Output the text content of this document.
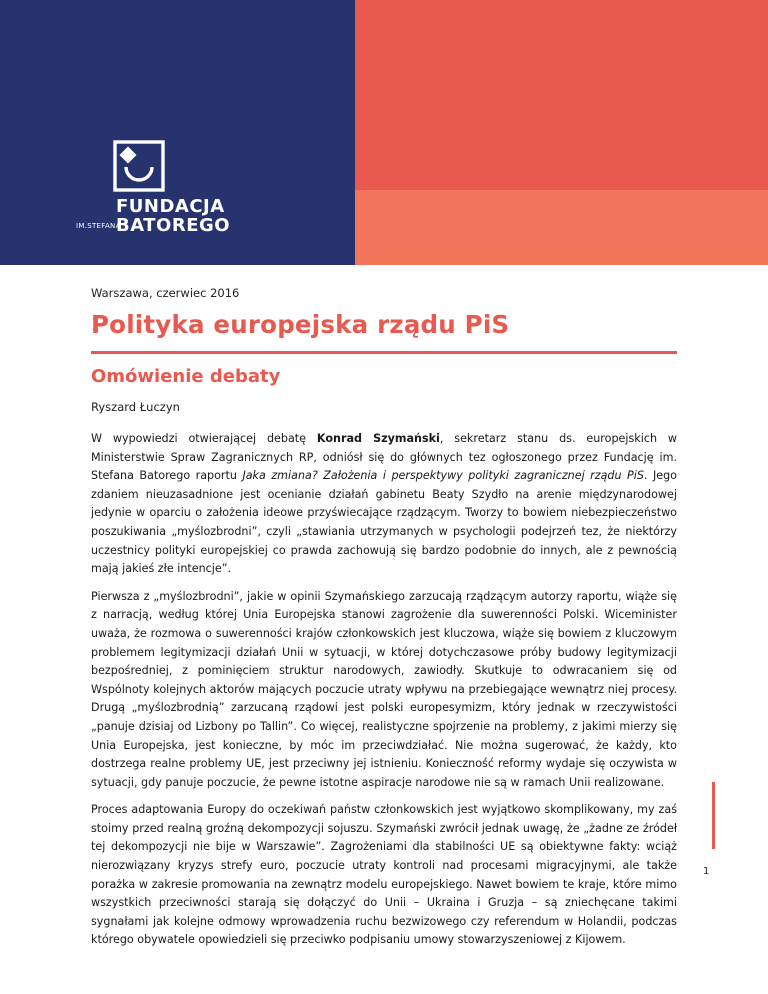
FUNDACJA
IM.STEFANA
BATOREGO
Warszawa, czerwiec 2016
Polityka europejska rządu PiS
Omówienie debaty
Ryszard Łuczyn

W wypowiedzi otwierającej debatę Konrad Szymański, sekretarz stanu ds. europejskich w Ministerstwie Spraw Zagranicznych RP, odniósł się do głównych tez ogłoszonego przez Fundację im. Stefana Batorego raportu Jaka zmiana? Założenia i perspektywy polityki zagranicznej rządu PiS. Jego zdaniem nieuzasadnione jest ocenianie działań gabinetu Beaty Szydło na arenie międzynarodowej jedynie w oparciu o założenia ideowe przyświecające rządzącym. Tworzy to bowiem niebezpieczeństwo poszukiwania „myślozbrodni”, czyli „stawiania utrzymanych w psychologii podejrzeń tez, że niektórzy uczestnicy polityki europejskiej co prawda zachowują się bardzo podobnie do innych, ale z pewnością mają jakieś złe intencje”.

Pierwsza z „myślozbrodni”, jakie w opinii Szymańskiego zarzucają rządzącym autorzy raportu, wiąże się z narracją, według której Unia Europejska stanowi zagrożenie dla suwerenności Polski. Wiceminister uważa, że rozmowa o suwerenności krajów członkowskich jest kluczowa, wiąże się bowiem z kluczowym problemem legitymizacji działań Unii w sytuacji, w której dotychczasowe próby budowy legitymizacji bezpośredniej, z pominięciem struktur narodowych, zawiodły. Skutkuje to odwracaniem się od Wspólnoty kolejnych aktorów mających poczucie utraty wpływu na przebiegające wewnątrz niej procesy. Drugą „myślozbrodnią” zarzucaną rządowi jest polski europesymizm, który jednak w rzeczywistości „panuje dzisiaj od Lizbony po Tallin”. Co więcej, realistyczne spojrzenie na problemy, z jakimi mierzy się Unia Europejska, jest konieczne, by móc im przeciwdziałać. Nie można sugerować, że każdy, kto dostrzega realne problemy UE, jest przeciwny jej istnieniu. Konieczność reformy wydaje się oczywista w sytuacji, gdy panuje poczucie, że pewne istotne aspiracje narodowe nie są w ramach Unii realizowane.

Proces adaptowania Europy do oczekiwań państw członkowskich jest wyjątkowo skomplikowany, my zaś stoimy przed realną groźną dekompozycji sojuszu. Szymański zwrócił jednak uwagę, że „żadne ze źródeł tej dekompozycji nie bije w Warszawie”. Zagrożeniami dla stabilności UE są obiektywne fakty: wciąż nierozwiązany kryzys strefy euro, poczucie utraty kontroli nad procesami migracyjnymi, ale także porażka w zakresie promowania na zewnątrz modelu europejskiego. Nawet bowiem te kraje, które mimo wszystkich przeciwności starają się dołączyć do Unii – Ukraina i Gruzja – są zniechęcane takimi sygnałami jak kolejne odmowy wprowadzenia ruchu bezwizowego czy referendum w Holandii, podczas którego obywatele opowiedzieli się przeciwko podpisaniu umowy stowarzyszeniowej z Kijowem.

1
